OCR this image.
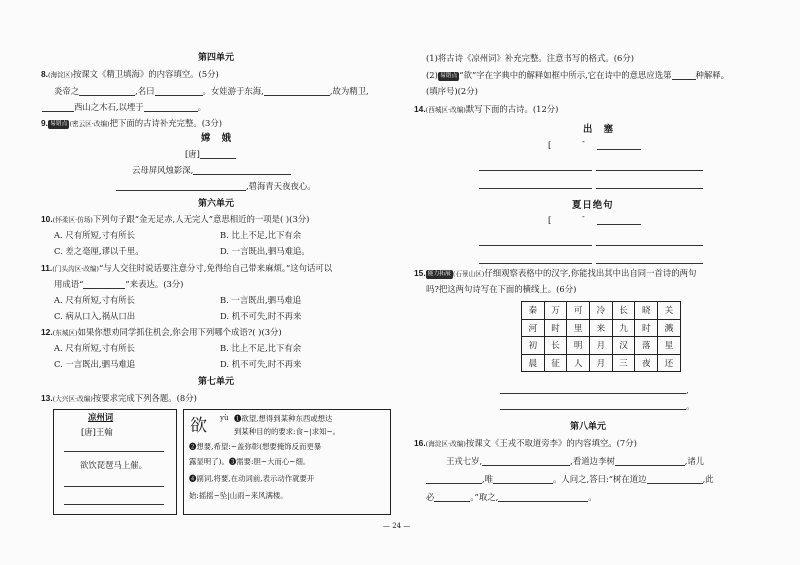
第四单元
8.(海淀区)按课文《精卫填海》的内容填空。(5分)
炎帝之	,名曰	。女娃游于东海,	,故为精卫,
西山之木石,以堙于	。
9. 易错点 (密云区·改编)把下面的古诗补充完整。(3分)
嫦 娥
[唐]
云母屏风烛影深,
,碧海青天夜夜心。
第六单元
10.(怀柔区·仿场)下列句子跟“金无足赤,人无完人”意思相近的一项是( )(3分)
A. 尺有所短,寸有所长	B. 比上不足,比下有余
C. 差之毫厘,谬以千里。	D. 一言既出,驷马难追。
11.(门头沟区·改编)“与人交往时说话要注意分寸,免得给自己带来麻烦。”这句话可以
用成语“	”来表达。(3分)
A. 尺有所短,寸有所长	B. 一言既出,驷马难追
C. 病从口入,祸从口出	D. 机不可失,时不再来
12.(东城区)如果你想劝同学抓住机会,你会用下列哪个成语?( )(3分)
A. 尺有所短,寸有所长	B. 比上不足,比下有余
C. 一言既出,驷马难追	D. 机不可失,时不再来
第七单元
13.(大兴区·改编)按要求完成下列各题。(8分)
凉州词
[唐]王翰
欲饮琵琶马上催。
欲 yù ❶欲望,想得到某种东西或想达
到某种目的的要求:食~|求知~。
❷想要,希望:~盖弥彰(想要掩饰反而更暴
露显明了)。❸需要:胆~大而心~细。
❹副词,将要,在动词前,表示动作就要开
始:摇摇~坠|山雨~来风满楼。
(1)将古诗《凉州词》补充完整。注意书写的格式。(6分)
(2) 易错点 “欲”字在字典中的解释如框中所示,它在诗中的意思应选第	种解释。
(填序号)(2分)
14.(西城区·改编)默写下面的古诗。(12分)
出 塞
[	-
夏日绝句
[	-
15. 能力拓展 (石景山区)仔细观察表格中的汉字,你能找出其中出自同一首诗的两句
吗?把这两句诗写在下面的横线上。(6分)
秦	万	可	冷	长	晓	关
河	时	里	来	九	时	溅
初	长	明	月	汉	落	星
晨	征	人	月	三	夜	还
,
。
第八单元
16.(海淀区·改编)按课文《王戎不取道旁李》的内容填空。(7分)
王戎七岁,	,看道边李树	,诸儿
,唯	。人问之,答曰:“树在道边	,此
必	。”取之,	。
— 24 —
